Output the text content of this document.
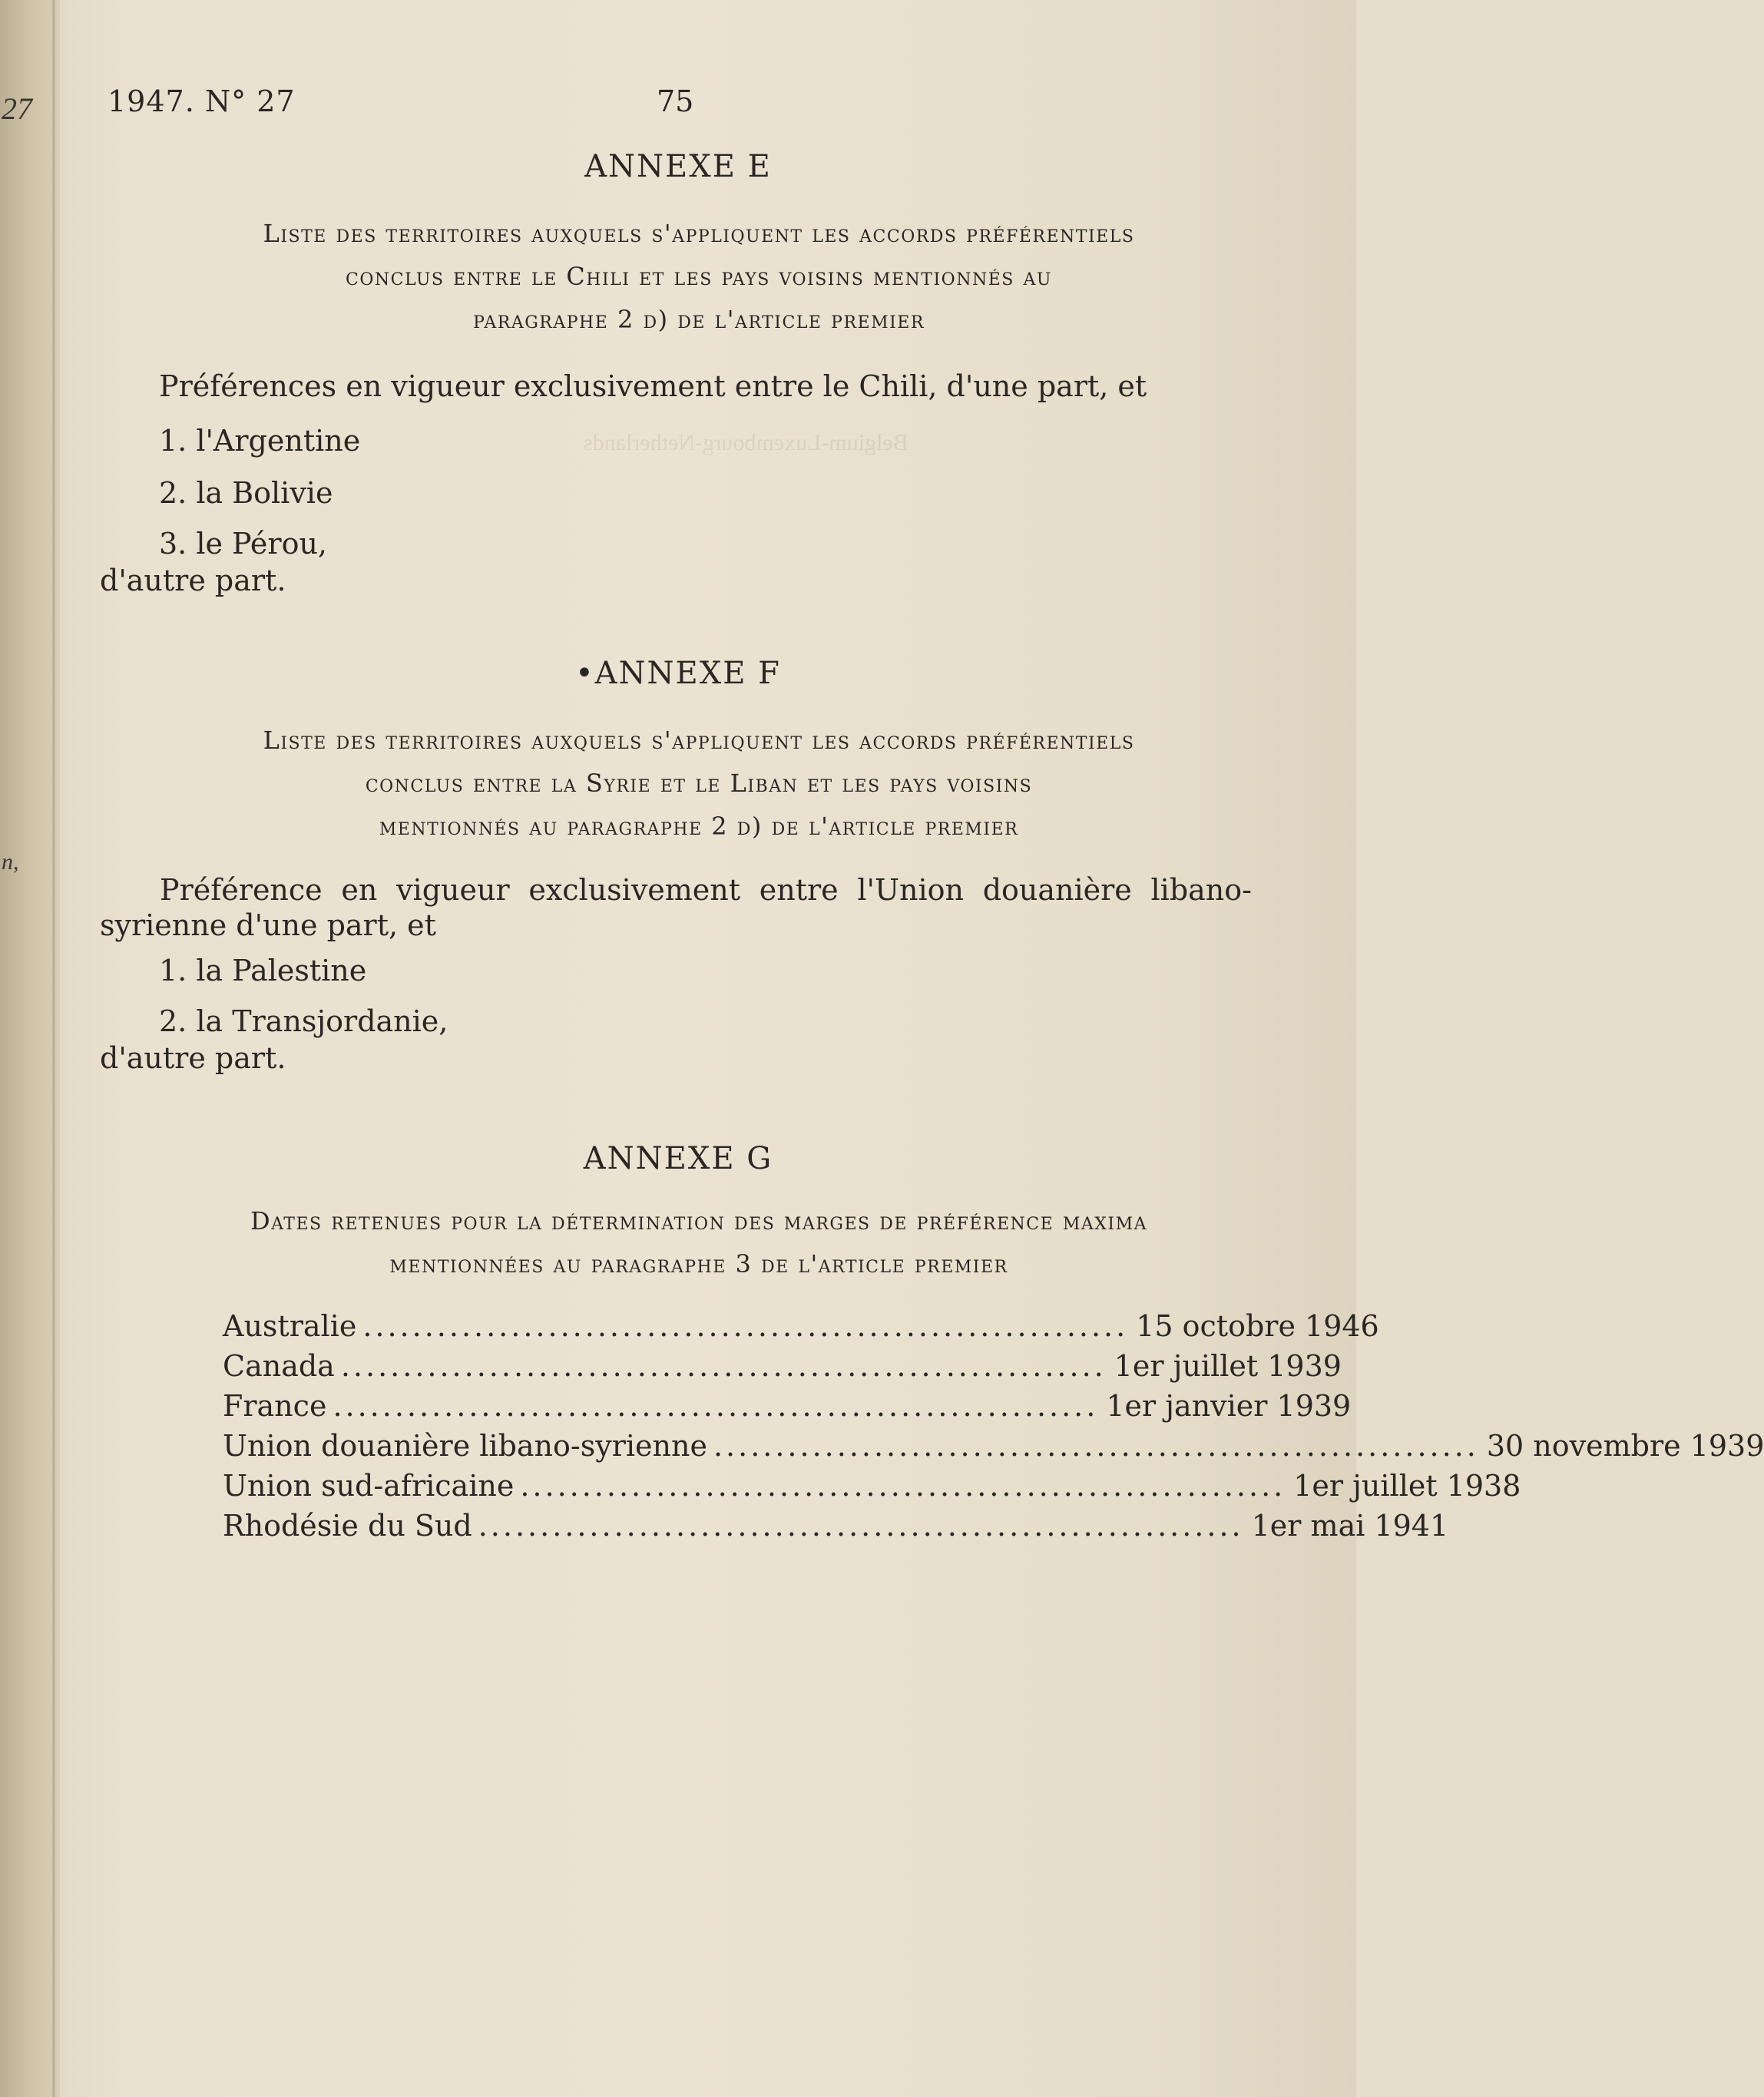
27
n,
Belgium-Luxembourg-Netherlands
1947. N° 27	75
ANNEXE E
Liste des territoires auxquels s'appliquent les accords préférentiels
conclus entre le Chili et les pays voisins mentionnés au
paragraphe 2 d) de l'article premier
Préférences en vigueur exclusivement entre le Chili, d'une part, et
1. l'Argentine
2. la Bolivie
3. le Pérou,
d'autre part.
•ANNEXE F
Liste des territoires auxquels s'appliquent les accords préférentiels
conclus entre la Syrie et le Liban et les pays voisins
mentionnés au paragraphe 2 d) de l'article premier
Préférence en vigueur exclusivement entre l'Union douanière libano-
syrienne d'une part, et
1. la Palestine
2. la Transjordanie,
d'autre part.
ANNEXE G
Dates retenues pour la détermination des marges de préférence maxima
mentionnées au paragraphe 3 de l'article premier
Australie .............................................................. 15 octobre 1946
Canada .............................................................. 1er juillet 1939
France .............................................................. 1er janvier 1939
Union douanière libano-syrienne .............................................................. 30 novembre 1939
Union sud-africaine .............................................................. 1er juillet 1938
Rhodésie du Sud .............................................................. 1er mai 1941
